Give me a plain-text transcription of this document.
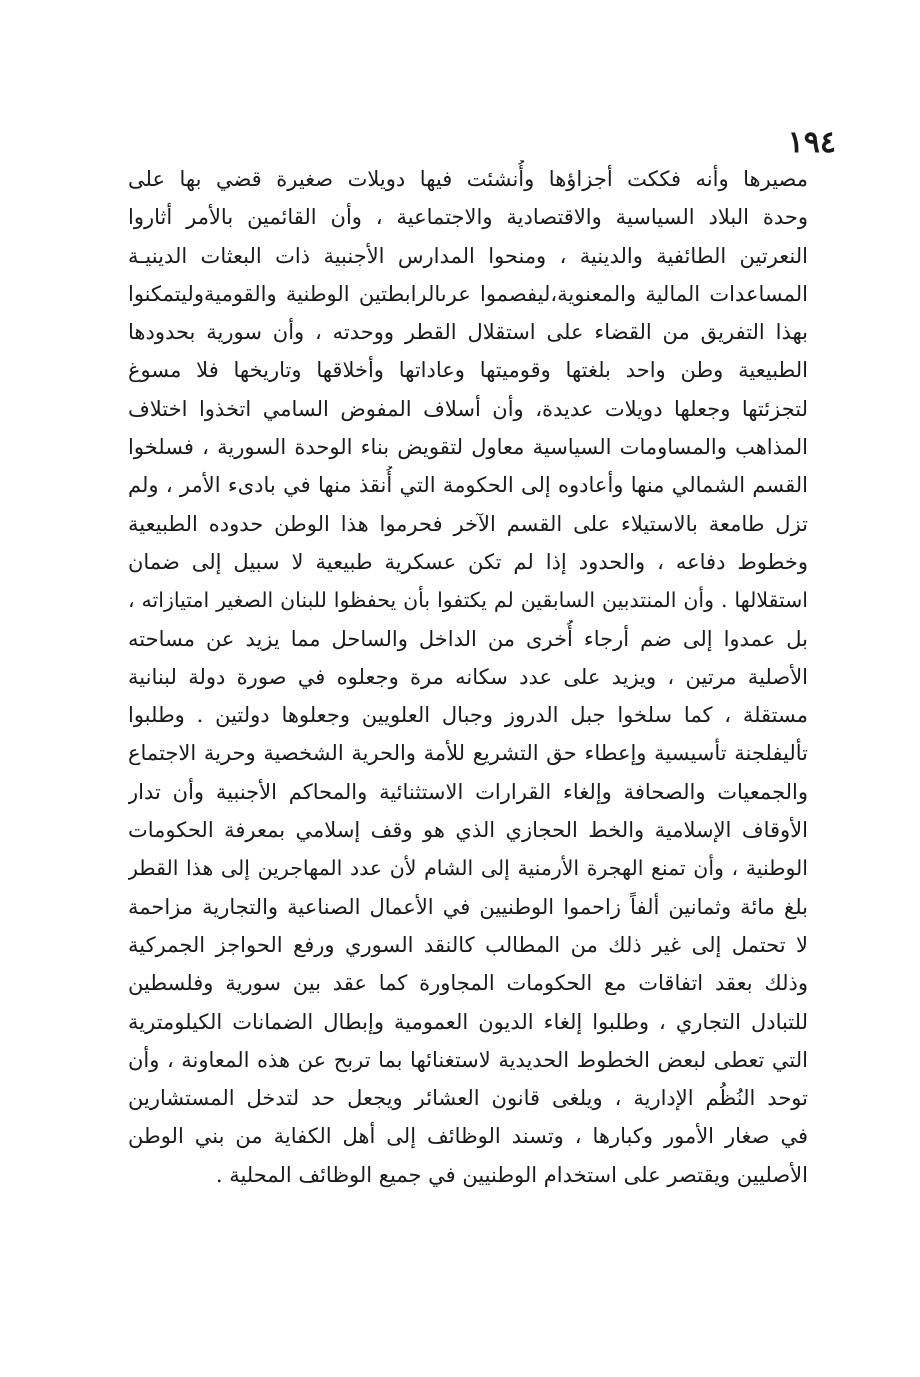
١٩٤
مصيرها وأنه فككت أجزاؤها وأُنشئت فيها دويلات صغيرة قضي بها على
وحدة البلاد السياسية والاقتصادية والاجتماعية ، وأن القائمين بالأمر أثاروا
النعرتين الطائفية والدينية ، ومنحوا المدارس الأجنبية ذات البعثات الدينيـة
المساعدات المالية والمعنوية،ليفصموا عرىالرابطتين الوطنية والقوميةوليتمكنوا
بهذا التفريق من القضاء على استقلال القطر ووحدته ، وأن سورية بحدودها
الطبيعية وطن واحد بلغتها وقوميتها وعاداتها وأخلاقها وتاريخها فلا مسوغ
لتجزئتها وجعلها دويلات عديدة، وأن أسلاف المفوض السامي اتخذوا اختلاف
المذاهب والمساومات السياسية معاول لتقويض بناء الوحدة السورية ، فسلخوا
القسم الشمالي منها وأعادوه إلى الحكومة التي أُنقذ منها في بادىء الأمر ، ولم
تزل طامعة بالاستيلاء على القسم الآخر فحرموا هذا الوطن حدوده الطبيعية
وخطوط دفاعه ، والحدود إذا لم تكن عسكرية طبيعية لا سبيل إلى ضمان
استقلالها . وأن المنتدبين السابقين لم يكتفوا بأن يحفظوا للبنان الصغير امتيازاته ،
بل عمدوا إلى ضم أرجاء أُخرى من الداخل والساحل مما يزيد عن مساحته
الأصلية مرتين ، ويزيد على عدد سكانه مرة وجعلوه في صورة دولة لبنانية
مستقلة ، كما سلخوا جبل الدروز وجبال العلويين وجعلوها دولتين . وطلبوا
تأليفلجنة تأسيسية وإعطاء حق التشريع للأمة والحرية الشخصية وحرية الاجتماع
والجمعيات والصحافة وإلغاء القرارات الاستثنائية والمحاكم الأجنبية وأن تدار
الأوقاف الإسلامية والخط الحجازي الذي هو وقف إسلامي بمعرفة الحكومات
الوطنية ، وأن تمنع الهجرة الأرمنية إلى الشام لأن عدد المهاجرين إلى هذا القطر
بلغ مائة وثمانين ألفاً زاحموا الوطنيين في الأعمال الصناعية والتجارية مزاحمة
لا تحتمل إلى غير ذلك من المطالب كالنقد السوري ورفع الحواجز الجمركية
وذلك بعقد اتفاقات مع الحكومات المجاورة كما عقد بين سورية وفلسطين
للتبادل التجاري ، وطلبوا إلغاء الديون العمومية وإبطال الضمانات الكيلومترية
التي تعطى لبعض الخطوط الحديدية لاستغنائها بما تربح عن هذه المعاونة ، وأن
توحد النُظُم الإدارية ، ويلغى قانون العشائر ويجعل حد لتدخل المستشارين
في صغار الأمور وكبارها ، وتسند الوظائف إلى أهل الكفاية من بني الوطن
الأصليين ويقتصر على استخدام الوطنيين في جميع الوظائف المحلية .
